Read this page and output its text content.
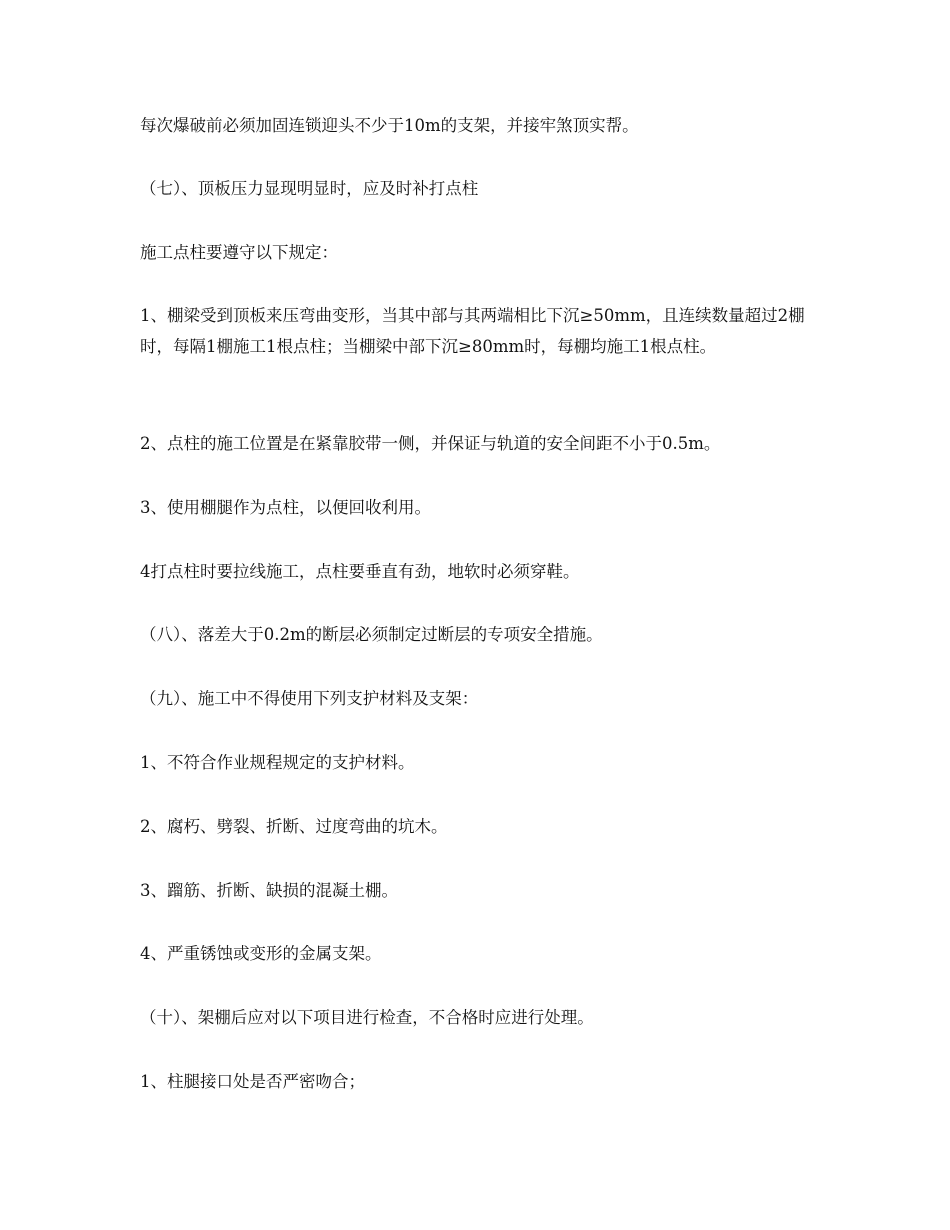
每次爆破前必须加固连锁迎头不少于10m的支架，并接牢煞顶实帮。

（七）、顶板压力显现明显时，应及时补打点柱

施工点柱要遵守以下规定：

1、棚梁受到顶板来压弯曲变形，当其中部与其两端相比下沉≥50mm，且连续数量超过2棚时，每隔1棚施工1根点柱；当棚梁中部下沉≥80mm时，每棚均施工1根点柱。

2、点柱的施工位置是在紧靠胶带一侧，并保证与轨道的安全间距不小于0.5m。

3、使用棚腿作为点柱，以便回收利用。

4打点柱时要拉线施工，点柱要垂直有劲，地软时必须穿鞋。

（八）、落差大于0.2m的断层必须制定过断层的专项安全措施。

（九）、施工中不得使用下列支护材料及支架：

1、不符合作业规程规定的支护材料。

2、腐朽、劈裂、折断、过度弯曲的坑木。

3、蹓筋、折断、缺损的混凝土棚。

4、严重锈蚀或变形的金属支架。

（十）、架棚后应对以下项目进行检查，不合格时应进行处理。

1、柱腿接口处是否严密吻合；
